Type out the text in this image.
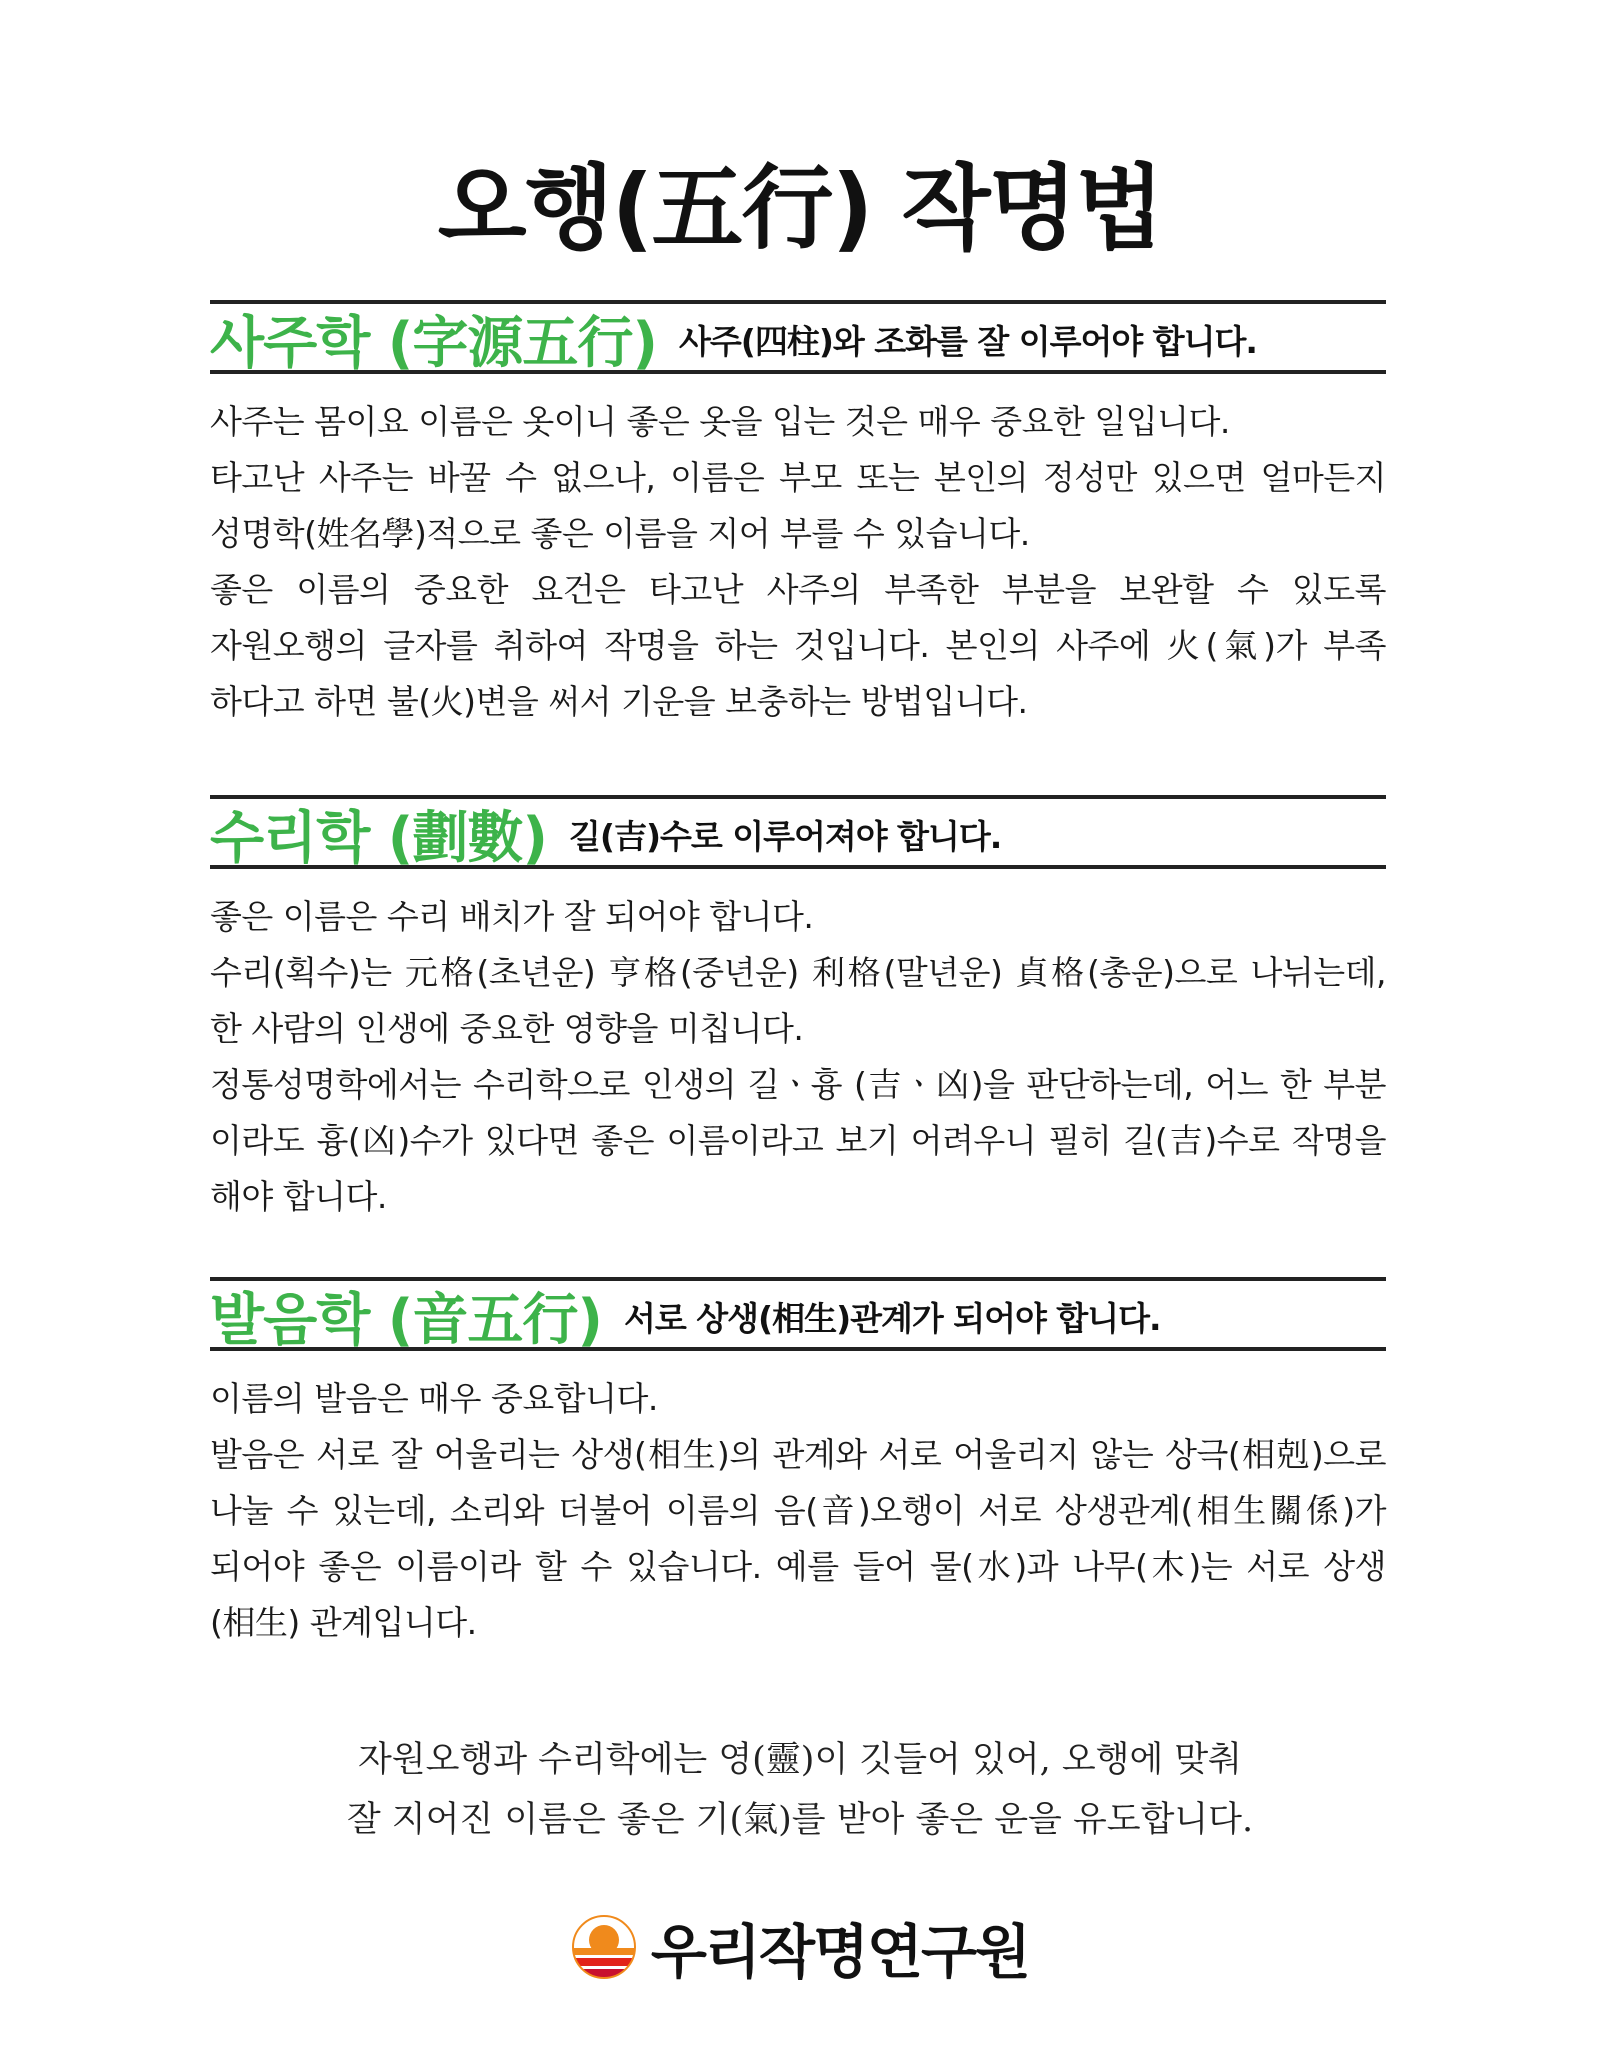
오행(五行) 작명법
사주학 (字源五行) 사주(四柱)와 조화를 잘 이루어야 합니다.

사주는 몸이요 이름은 옷이니 좋은 옷을 입는 것은 매우 중요한 일입니다.

타고난 사주는 바꿀 수 없으나, 이름은 부모 또는 본인의 정성만 있으면 얼마든지

성명학(姓名學)적으로 좋은 이름을 지어 부를 수 있습니다.

좋은 이름의 중요한 요건은 타고난 사주의 부족한 부분을 보완할 수 있도록

자원오행의 글자를 취하여 작명을 하는 것입니다. 본인의 사주에 火(氣)가 부족

하다고 하면 불(火)변을 써서 기운을 보충하는 방법입니다.

수리학 (劃數) 길(吉)수로 이루어져야 합니다.

좋은 이름은 수리 배치가 잘 되어야 합니다.

수리(획수)는 元格(초년운) 亨格(중년운) 利格(말년운) 貞格(총운)으로 나뉘는데,

한 사람의 인생에 중요한 영향을 미칩니다.

정통성명학에서는 수리학으로 인생의 길ㆍ흉 (吉ㆍ凶)을 판단하는데, 어느 한 부분

이라도 흉(凶)수가 있다면 좋은 이름이라고 보기 어려우니 필히 길(吉)수로 작명을

해야 합니다.

발음학 (音五行) 서로 상생(相生)관계가 되어야 합니다.

이름의 발음은 매우 중요합니다.

발음은 서로 잘 어울리는 상생(相生)의 관계와 서로 어울리지 않는 상극(相剋)으로

나눌 수 있는데, 소리와 더불어 이름의 음(音)오행이 서로 상생관계(相生關係)가

되어야 좋은 이름이라 할 수 있습니다. 예를 들어 물(水)과 나무(木)는 서로 상생

(相生) 관계입니다.

자원오행과 수리학에는 영(靈)이 깃들어 있어, 오행에 맞춰

잘 지어진 이름은 좋은 기(氣)를 받아 좋은 운을 유도합니다.

우리작명연구원
